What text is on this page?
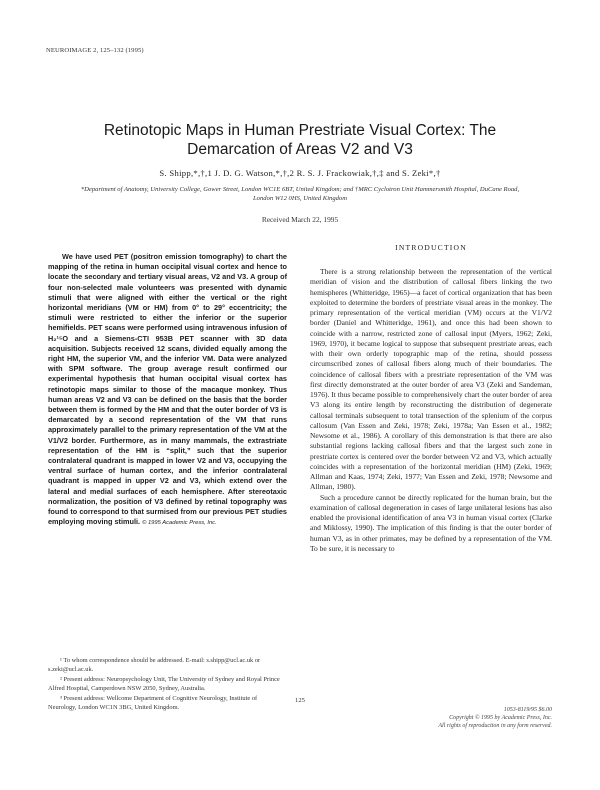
NEUROIMAGE 2, 125–132 (1995)
Retinotopic Maps in Human Prestriate Visual Cortex: The Demarcation of Areas V2 and V3
S. Shipp,*,†,1 J. D. G. Watson,*,†,2 R. S. J. Frackowiak,†,‡ and S. Zeki*,†
*Department of Anatomy, University College, Gower Street, London WC1E 6BT, United Kingdom; and †MRC Cyclotron Unit Hammersmith Hospital, DuCane Road, London W12 0HS, United Kingdom
Received March 22, 1995

We have used PET (positron emission tomography) to chart the mapping of the retina in human occipital visual cortex and hence to locate the secondary and tertiary visual areas, V2 and V3. A group of four non-selected male volunteers was presented with dynamic stimuli that were aligned with either the vertical or the right horizontal meridians (VM or HM) from 0° to 29° eccentricity; the stimuli were restricted to either the inferior or the superior hemifields. PET scans were performed using intravenous infusion of H₂¹⁵O and a Siemens-CTI 953B PET scanner with 3D data acquisition. Subjects received 12 scans, divided equally among the right HM, the superior VM, and the inferior VM. Data were analyzed with SPM software. The group average result confirmed our experimental hypothesis that human occipital visual cortex has retinotopic maps similar to those of the macaque monkey. Thus human areas V2 and V3 can be defined on the basis that the border between them is formed by the HM and that the outer border of V3 is demarcated by a second representation of the VM that runs approximately parallel to the primary representation of the VM at the V1/V2 border. Furthermore, as in many mammals, the extrastriate representation of the HM is “split,” such that the superior contralateral quadrant is mapped in lower V2 and V3, occupying the ventral surface of human cortex, and the inferior contralateral quadrant is mapped in upper V2 and V3, which extend over the lateral and medial surfaces of each hemisphere. After stereotaxic normalization, the position of V3 defined by retinal topography was found to correspond to that surmised from our previous PET studies employing moving stimuli. © 1995 Academic Press, Inc.

INTRODUCTION

There is a strong relationship between the representation of the vertical meridian of vision and the distribution of callosal fibers linking the two hemispheres (Whitteridge, 1965)—a facet of cortical organization that has been exploited to determine the borders of prestriate visual areas in the monkey. The primary representation of the vertical meridian (VM) occurs at the V1/V2 border (Daniel and Whitteridge, 1961), and once this had been shown to coincide with a narrow, restricted zone of callosal input (Myers, 1962; Zeki, 1969, 1970), it became logical to suppose that subsequent prestriate areas, each with their own orderly topographic map of the retina, should possess circumscribed zones of callosal fibers along much of their boundaries. The coincidence of callosal fibers with a prestriate representation of the VM was first directly demonstrated at the outer border of area V3 (Zeki and Sandeman, 1976). It thus became possible to comprehensively chart the outer border of area V3 along its entire length by reconstructing the distribution of degenerate callosal terminals subsequent to total transection of the splenium of the corpus callosum (Van Essen and Zeki, 1978; Zeki, 1978a; Van Essen et al., 1982; Newsome et al., 1986). A corollary of this demonstration is that there are also substantial regions lacking callosal fibers and that the largest such zone in prestriate cortex is centered over the border between V2 and V3, which actually coincides with a representation of the horizontal meridian (HM) (Zeki, 1969; Allman and Kaas, 1974; Zeki, 1977; Van Essen and Zeki, 1978; Newsome and Allman, 1980).

Such a procedure cannot be directly replicated for the human brain, but the examination of callosal degeneration in cases of large unilateral lesions has also enabled the provisional identification of area V3 in human visual cortex (Clarke and Miklossy, 1990). The implication of this finding is that the outer border of human V3, as in other primates, may be defined by a representation of the VM. To be sure, it is necessary to

¹ To whom correspondence should be addressed. E-mail: s.shipp@ucl.ac.uk or s.zeki@ucl.ac.uk.

² Present address: Neuropsychology Unit, The University of Sydney and Royal Prince Alfred Hospital, Camperdown NSW 2050, Sydney, Australia.

³ Present address: Wellcome Department of Cognitive Neurology, Institute of Neurology, London WC1N 3BG, United Kingdom.

125
1053-8119/95 $6.00
Copyright © 1995 by Academic Press, Inc.
All rights of reproduction in any form reserved.
